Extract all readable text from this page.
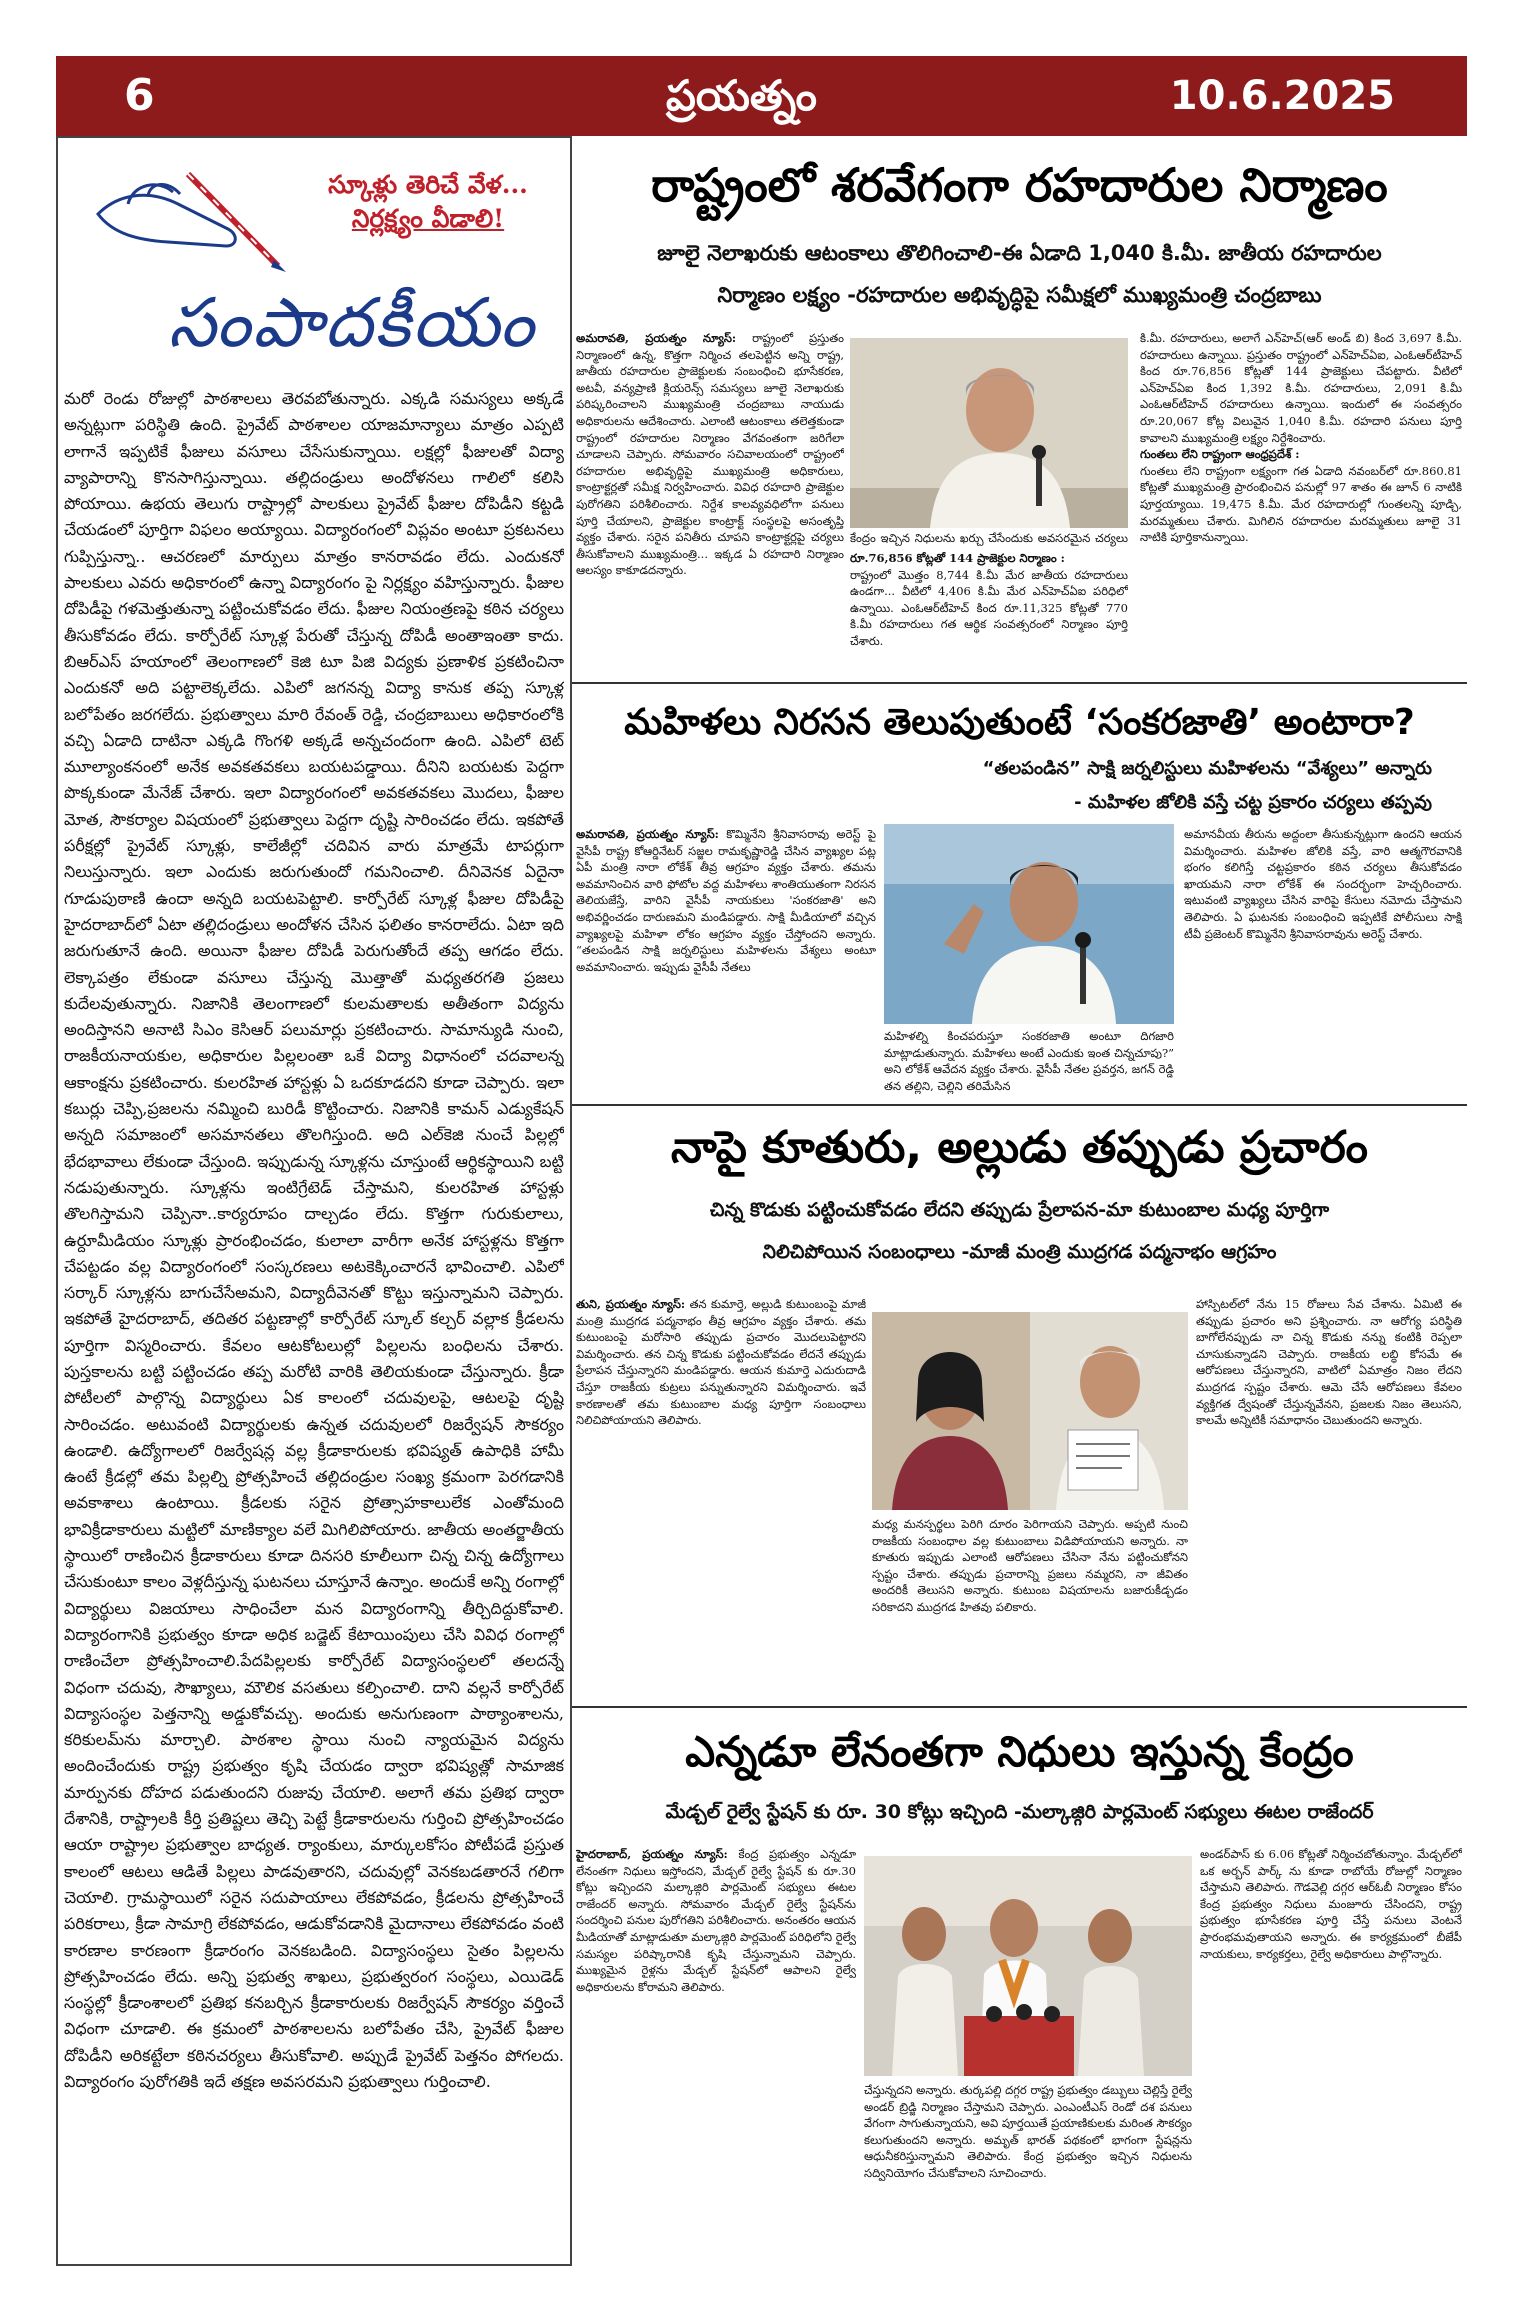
6	ప్రయత్నం	10.6.2025
స్కూళ్లు తెరిచే వేళ...
నిర్లక్ష్యం వీడాలి!
సంపాదకీయం
మరో రెండు రోజుల్లో పాఠశాలలు తెరవబోతున్నారు. ఎక్కడి సమస్యలు అక్కడే అన్నట్లుగా పరిస్థితి ఉంది. ప్రైవేట్ పాఠశాలల యాజమాన్యాలు మాత్రం ఎప్పటి లాగానే ఇప్పటికే ఫీజులు వసూలు చేసేసుకున్నాయి. లక్షల్లో ఫీజులతో విద్యా వ్యాపారాన్ని కొనసాగిస్తున్నాయి. తల్లిదండ్రులు అందోళనలు గాలిలో కలిసి పోయాయి. ఉభయ తెలుగు రాష్ట్రాల్లో పాలకులు ప్రైవేట్ ఫీజుల దోపిడీని కట్టడి చేయడంలో పూర్తిగా విఫలం అయ్యాయి. విద్యారంగంలో విప్లవం అంటూ ప్రకటనలు గుప్పిస్తున్నా.. ఆచరణలో మార్పులు మాత్రం కానరావడం లేదు. ఎందుకనో పాలకులు ఎవరు అధికారంలో ఉన్నా విద్యారంగం పై నిర్లక్ష్యం వహిస్తున్నారు. ఫీజుల దోపిడీపై గళమెత్తుతున్నా పట్టించుకోవడం లేదు. ఫీజుల నియంత్రణపై కఠిన చర్యలు తీసుకోవడం లేదు. కార్పోరేట్ స్కూళ్ల పేరుతో చేస్తున్న దోపిడీ అంతాఇంతా కాదు. బిఆర్ఎస్ హయాంలో తెలంగాణలో కెజి టూ పిజి విద్యకు ప్రణాళిక ప్రకటించినా ఎందుకనో అది పట్టాలెక్కలేదు. ఎపిలో జగనన్న విద్యా కానుక తప్ప స్కూళ్ల బలోపేతం జరగలేదు. ప్రభుత్వాలు మారి రేవంత్ రెడ్డి, చంద్రబాబులు అధికారంలోకి వచ్చి ఏడాది దాటినా ఎక్కడి గొంగళి అక్కడే అన్నచందంగా ఉంది. ఎపిలో టెట్ మూల్యాంకనంలో అనేక అవకతవకలు బయటపడ్డాయి. దీనిని బయటకు పెద్దగా పొక్కకుండా మేనేజ్ చేశారు. ఇలా విద్యారంగంలో అవకతవకలు మొదలు, ఫీజుల మోత, సౌకర్యాల విషయంలో ప్రభుత్వాలు పెద్దగా దృష్టి సారించడం లేదు. ఇకపోతే పరీక్షల్లో ప్రైవేట్ స్కూళ్లు, కాలేజీల్లో చదివిన వారు మాత్రమే టాపర్లుగా నిలుస్తున్నారు. ఇలా ఎందుకు జరుగుతుందో గమనించాలి. దీనివెనక ఏదైనా గూడుపుఠాణి ఉందా అన్నది బయటపెట్టాలి. కార్పోరేట్ స్కూళ్ల ఫీజుల దోపిడీపై హైదరాబాద్‌లో ఏటా తల్లిదండ్రులు అందోళన చేసిన ఫలితం కానరాలేదు. ఏటా ఇది జరుగుతూనే ఉంది. అయినా ఫీజుల దోపిడీ పెరుగుతోందే తప్ప ఆగడం లేదు. లెక్కాపత్రం లేకుండా వసూలు చేస్తున్న మొత్తాతో మధ్యతరగతి ప్రజలు కుదేలవుతున్నారు. నిజానికి తెలంగాణలో కులమతాలకు అతీతంగా విద్యను అందిస్తానని అనాటి సిఎం కెసిఆర్ పలుమార్లు ప్రకటించారు. సామాన్యుడి నుంచి, రాజకీయనాయకుల, అధికారుల పిల్లలంతా ఒకే విద్యా విధానంలో చదవాలన్న ఆకాంక్షను ప్రకటించారు. కులరహిత హాస్టళ్లు ఏ ఒదకూడదని కూడా చెప్పారు. ఇలా కబుర్లు చెప్పి,ప్రజలను నమ్మించి బురిడీ కొట్టించారు. నిజానికి కామన్ ఎడ్యుకేషన్ అన్నది సమాజంలో అసమానతలు తొలగిస్తుంది. అది ఎల్‌కెజి నుంచే పిల్లల్లో భేదభావాలు లేకుండా చేస్తుంది. ఇప్పుడున్న స్కూళ్లను చూస్తుంటే ఆర్థికస్థాయిని బట్టి నడుపుతున్నారు. స్కూళ్లను ఇంటిగ్రేటెడ్ చేస్తామని, కులరహిత హాస్టళ్లు తొలగిస్తామని చెప్పినా..కార్యరూపం దాల్చడం లేదు. కొత్తగా గురుకులాలు, ఉర్దూమీడియం స్కూళ్లు ప్రారంభించడం, కులాలా వారీగా అనేక హాస్టళ్లను కొత్తగా చేపట్టడం వల్ల విద్యారంగంలో సంస్కరణలు అటకెక్కించారనే భావించాలి. ఎపిలో సర్కార్ స్కూళ్లను బాగుచేసేఅమని, విద్యాదీవెనతో కొట్టు ఇస్తున్నామని చెప్పారు. ఇకపోతే హైదరాబాద్, తదితర పట్టణాల్లో కార్పోరేట్ స్కూల్ కల్చర్ వల్లాక క్రీడలను పూర్తిగా విస్మరించారు. కేవలం ఆటకోటలుల్లో పిల్లలను బంధిలను చేశారు. పుస్తకాలను బట్టి పట్టించడం తప్ప మరోటి వారికి తెలియకుండా చేస్తున్నారు. క్రీడా పోటీలలో పాల్గొన్న విద్యార్థులు ఏక కాలంలో చదువులపై, ఆటలపై దృష్టి సారించడం. అటువంటి విద్యార్థులకు ఉన్నత చదువులలో రిజర్వేషన్ సౌకర్యం ఉండాలి. ఉద్యోగాలలో రిజర్వేషన్ల వల్ల క్రీడాకారులకు భవిష్యత్ ఉపాధికి హామీ ఉంటే క్రీడల్లో తమ పిల్లల్ని ప్రోత్సహించే తల్లిదండ్రుల సంఖ్య క్రమంగా పెరగడానికి అవకాశాలు ఉంటాయి. క్రీడలకు సరైన ప్రోత్సాహకాలులేక ఎంతోమంది భావిక్రీడాకారులు మట్టిలో మాణిక్యాల వలే మిగిలిపోయారు. జాతీయ అంతర్జాతీయ స్థాయిలో రాణించిన క్రీడాకారులు కూడా దినసరి కూలీలుగా చిన్న చిన్న ఉద్యోగాలు చేసుకుంటూ కాలం వెళ్లదీస్తున్న ఘటనలు చూస్తూనే ఉన్నాం. అందుకే అన్ని రంగాల్లో విద్యార్థులు విజయాలు సాధించేలా మన విద్యారంగాన్ని తీర్చిదిద్దుకోవాలి. విద్యారంగానికి ప్రభుత్వం కూడా అధిక బడ్జెట్ కేటాయింపులు చేసి వివిధ రంగాల్లో రాణించేలా ప్రోత్సహించాలి.పేదపిల్లలకు కార్పోరేట్ విద్యాసంస్థలలో తలదన్నే విధంగా చదువు, సౌఖ్యాలు, మౌలిక వసతులు కల్పించాలి. దాని వల్లనే కార్పోరేట్ విద్యాసంస్థల పెత్తనాన్ని అడ్డుకోవచ్చు. అందుకు అనుగుణంగా పాఠ్యాంశాలను, కరికులమ్‌ను మార్చాలి. పాఠశాల స్థాయి నుంచి న్యాయమైన విద్యను అందించేందుకు రాష్ట్ర ప్రభుత్వం కృషి చేయడం ద్వారా భవిష్యత్లో సామాజిక మార్పునకు దోహద పడుతుందని రుజువు చేయాలి. అలాగే తమ ప్రతిభ ద్వారా దేశానికి, రాష్ట్రాలకి కీర్తి ప్రతిష్టలు తెచ్చి పెట్టే క్రీడాకారులను గుర్తించి ప్రోత్సహించడం ఆయా రాష్ట్రాల ప్రభుత్వాల బాధ్యత. ర్యాంకులు, మార్కులకోసం పోటీపడే ప్రస్తుత కాలంలో ఆటలు ఆడితే పిల్లలు పాడవుతారని, చదువుల్లో వెనకబడతారనే గలిగా చెయాలి. గ్రామస్థాయిలో సరైన సదుపాయాలు లేకపోవడం, క్రీడలను ప్రోత్సహించే పరికరాలు, క్రీడా సామాగ్రి లేకపోవడం, ఆడుకోవడానికి మైదానాలు లేకపోవడం వంటి కారణాల కారణంగా క్రీడారంగం వెనకబడింది. విద్యాసంస్థలు సైతం పిల్లలను ప్రోత్సహించడం లేదు. అన్ని ప్రభుత్వ శాఖలు, ప్రభుత్వరంగ సంస్థలు, ఎయిడెడ్ సంస్థల్లో క్రీడాంశాలలో ప్రతిభ కనబర్చిన క్రీడాకారులకు రిజర్వేషన్ సౌకర్యం వర్తించే విధంగా చూడాలి. ఈ క్రమంలో పాఠశాలలను బలోపేతం చేసి, ప్రైవేట్ ఫీజుల దోపిడీని అరికట్టేలా కఠినచర్యలు తీసుకోవాలి. అప్పుడే ప్రైవేట్ పెత్తనం పోగలదు. విద్యారంగం పురోగతికి ఇదే తక్షణ అవసరమని ప్రభుత్వాలు గుర్తించాలి.
రాష్ట్రంలో శరవేగంగా రహదారుల నిర్మాణం
జూలై నెలాఖరుకు ఆటంకాలు తొలిగించాలి-ఈ ఏడాది 1,040 కి.మీ. జాతీయ రహదారుల
నిర్మాణం లక్ష్యం -రహదారుల అభివృద్ధిపై సమీక్షలో ముఖ్యమంత్రి చంద్రబాబు
అమరావతి, ప్రయత్నం న్యూస్: రాష్ట్రంలో ప్రస్తుతం నిర్మాణంలో ఉన్న, కొత్తగా నిర్మించ తలపెట్టిన అన్ని రాష్ట్ర, జాతీయ రహదారుల ప్రాజెక్టులకు సంబంధించి భూసేకరణ, అటవీ, వన్యప్రాణి క్లియరెన్స్ సమస్యలు జూలై నెలాఖరుకు పరిష్కరించాలని ముఖ్యమంత్రి చంద్రబాబు నాయుడు అధికారులను ఆదేశించారు. ఎలాంటి ఆటంకాలు తలెత్తకుండా రాష్ట్రంలో రహదారుల నిర్మాణం వేగవంతంగా జరిగేలా చూడాలని చెప్పారు. సోమవారం సచివాలయంలో రాష్ట్రంలో రహదారుల అభివృద్ధిపై ముఖ్యమంత్రి అధికారులు, కాంట్రాక్టర్లతో సమీక్ష నిర్వహించారు. వివిధ రహదారి ప్రాజెక్టుల పురోగతిని పరిశీలించారు. నిర్దేశ కాలవ్యవధిలోగా పనులు పూర్తి చేయాలని, ప్రాజెక్టుల కాంట్రాక్ట్ సంస్థలపై అసంతృప్తి వ్యక్తం చేశారు. సరైన పనితీరు చూపని కాంట్రాక్టర్లపై చర్యలు తీసుకోవాలని ముఖ్యమంత్రి... ఇక్కడ ఏ రహదారి నిర్మాణం ఆలస్యం కాకూడదన్నారు.
కేంద్రం ఇచ్చిన నిధులను ఖర్చు చేసేందుకు అవసరమైన చర్యలు
రూ.76,856 కోట్లతో 144 ప్రాజెక్టుల నిర్మాణం :
రాష్ట్రంలో మొత్తం 8,744 కి.మీ మేర జాతీయ రహదారులు ఉండగా... వీటిలో 4,406 కి.మీ మేర ఎన్‌హెచ్ఏఐ పరిధిలో ఉన్నాయి. ఎంఓఆర్‌టీహెచ్ కింద రూ.11,325 కోట్లతో 770 కి.మీ రహదారులు గత ఆర్థిక సంవత్సరంలో నిర్మాణం పూర్తి చేశారు.
కి.మీ. రహదారులు, అలాగే ఎన్‌హెచ్(ఆర్ అండ్ బి) కింద 3,697 కి.మీ. రహదారులు ఉన్నాయి. ప్రస్తుతం రాష్ట్రంలో ఎన్‌హెచ్ఏఐ, ఎంఓఆర్‌టీహెచ్ కింద రూ.76,856 కోట్లతో 144 ప్రాజెక్టులు చేపట్టారు. వీటిలో ఎన్‌హెచ్ఏఐ కింద 1,392 కి.మీ. రహదారులు, 2,091 కి.మీ ఎంఓఆర్‌టీహెచ్ రహదారులు ఉన్నాయి. ఇందులో ఈ సంవత్సరం రూ.20,067 కోట్ల విలువైన 1,040 కి.మీ. రహదారి పనులు పూర్తి కావాలని ముఖ్యమంత్రి లక్ష్యం నిర్దేశించారు.
గుంతలు లేని రాష్ట్రంగా ఆంధ్రప్రదేశ్ :
గుంతలు లేని రాష్ట్రంగా లక్ష్యంగా గత ఏడాది నవంబర్‌లో రూ.860.81 కోట్లతో ముఖ్యమంత్రి ప్రారంభించిన పనుల్లో 97 శాతం ఈ జూన్ 6 నాటికి పూర్తయ్యాయి. 19,475 కి.మీ. మేర రహదారుల్లో గుంతలన్ని పూడ్చి, మరమ్మతులు చేశారు. మిగిలిన రహదారుల మరమ్మతులు జూలై 31 నాటికి పూర్తికానున్నాయి.
మహిళలు నిరసన తెలుపుతుంటే ‘సంకరజాతి’ అంటారా?
“తలపండిన” సాక్షి జర్నలిస్టులు మహిళలను “వేశ్యలు” అన్నారు
- మహిళల జోలికి వస్తే చట్ట ప్రకారం చర్యలు తప్పవు
అమరావతి, ప్రయత్నం న్యూస్: కొమ్మినేని శ్రీనివాసరావు అరెస్ట్ పై వైసీపీ రాష్ట్ర కోఆర్డినేటర్ సజ్జల రామకృష్ణారెడ్డి చేసిన వ్యాఖ్యల పట్ల ఏపీ మంత్రి నారా లోకేశ్ తీవ్ర ఆగ్రహం వ్యక్తం చేశారు. తమను అవమానించిన వారి ఫోటోల వద్ద మహిళలు శాంతియుతంగా నిరసన తెలియజేస్తే, వారిని వైసీపీ నాయకులు 'సంకరజాతి' అని అభివర్ణించడం దారుణమని మండిపడ్డారు. సాక్షి మీడియాలో వచ్చిన వ్యాఖ్యలపై మహిళా లోకం ఆగ్రహం వ్యక్తం చేస్తోందని అన్నారు. “తలపండిన సాక్షి జర్నలిస్టులు మహిళలను వేశ్యలు అంటూ అవమానించారు. ఇప్పుడు వైసీపీ నేతలు
మహిళల్ని కించపరుస్తూ సంకరజాతి అంటూ దిగజారి మాట్లాడుతున్నారు. మహిళలు అంటే ఎందుకు ఇంత చిన్నచూపు?” అని లోకేశ్ ఆవేదన వ్యక్తం చేశారు. వైసీపీ నేతల ప్రవర్తన, జగన్ రెడ్డి తన తల్లిని, చెల్లిని తరిమేసిన
అమానవీయ తీరును అద్దంలా తీసుకున్నట్లుగా ఉందని ఆయన విమర్శించారు. మహిళల జోలికి వస్తే, వారి ఆత్మగౌరవానికి భంగం కలిగిస్తే చట్టప్రకారం కఠిన చర్యలు తీసుకోవడం ఖాయమని నారా లోకేశ్ ఈ సందర్భంగా హెచ్చరించారు. ఇటువంటి వ్యాఖ్యలు చేసిన వారిపై కేసులు నమోదు చేస్తామని తెలిపారు. ఏ ఘటనకు సంబంధించి ఇప్పటికే పోలీసులు సాక్షి టీవీ ప్రజెంటర్ కొమ్మినేని శ్రీనివాసరావును అరెస్ట్ చేశారు.
నాపై కూతురు, అల్లుడు తప్పుడు ప్రచారం
చిన్న కొడుకు పట్టించుకోవడం లేదని తప్పుడు ప్రేలాపన-మా కుటుంబాల మధ్య పూర్తిగా
నిలిచిపోయిన సంబంధాలు -మాజీ మంత్రి ముద్రగడ పద్మనాభం ఆగ్రహం
తుని, ప్రయత్నం న్యూస్: తన కుమార్తె, అల్లుడి కుటుంబంపై మాజీ మంత్రి ముద్రగడ పద్మనాభం తీవ్ర ఆగ్రహం వ్యక్తం చేశారు. తమ కుటుంబంపై మరోసారి తప్పుడు ప్రచారం మొదలుపెట్టారని విమర్శించారు. తన చిన్న కొడుకు పట్టించుకోవడం లేదనే తప్పుడు ప్రేలాపన చేస్తున్నారని మండిపడ్డారు. ఆయన కుమార్తె ఎదురుదాడి చేస్తూ రాజకీయ కుట్రలు పన్నుతున్నారని విమర్శించారు. ఇవే కారణాలతో తమ కుటుంబాల మధ్య పూర్తిగా సంబంధాలు నిలిచిపోయాయని తెలిపారు.
మధ్య మనస్పర్థలు పెరిగి దూరం పెరిగాయని చెప్పారు. అప్పటి నుంచి రాజకీయ సంబంధాల వల్ల కుటుంబాలు విడిపోయాయని అన్నారు. నా కూతురు ఇప్పుడు ఎలాంటి ఆరోపణలు చేసినా నేను పట్టించుకోనని స్పష్టం చేశారు. తప్పుడు ప్రచారాన్ని ప్రజలు నమ్మరని, నా జీవితం అందరికీ తెలుసని అన్నారు. కుటుంబ విషయాలను బజారుకీడ్చడం సరికాదని ముద్రగడ హితవు పలికారు.
హాస్పిటల్‌లో నేను 15 రోజులు సేవ చేశాను. ఏమిటి ఈ తప్పుడు ప్రచారం అని ప్రశ్నించారు. నా ఆరోగ్య పరిస్థితి బాగోలేనప్పుడు నా చిన్న కొడుకు నన్ను కంటికి రెప్పలా చూసుకున్నాడని చెప్పారు. రాజకీయ లబ్ధి కోసమే ఈ ఆరోపణలు చేస్తున్నారని, వాటిలో ఏమాత్రం నిజం లేదని ముద్రగడ స్పష్టం చేశారు. ఆమె చేసే ఆరోపణలు కేవలం వ్యక్తిగత ద్వేషంతో చేస్తున్నవేనని, ప్రజలకు నిజం తెలుసని, కాలమే అన్నిటికీ సమాధానం చెబుతుందని అన్నారు.
ఎన్నడూ లేనంతగా నిధులు ఇస్తున్న కేంద్రం
మేడ్చల్ రైల్వే స్టేషన్ కు రూ. 30 కోట్లు ఇచ్చింది -మల్కాజ్గిరి పార్లమెంట్ సభ్యులు ఈటల రాజేందర్
హైదరాబాద్, ప్రయత్నం న్యూస్: కేంద్ర ప్రభుత్వం ఎన్నడూ లేనంతగా నిధులు ఇస్తోందని, మేడ్చల్ రైల్వే స్టేషన్ కు రూ.30 కోట్లు ఇచ్చిందని మల్కాజ్గిరి పార్లమెంట్ సభ్యులు ఈటల రాజేందర్ అన్నారు. సోమవారం మేడ్చల్ రైల్వే స్టేషన్‌ను సందర్శించి పనుల పురోగతిని పరిశీలించారు. అనంతరం ఆయన మీడియాతో మాట్లాడుతూ మల్కాజ్గిరి పార్లమెంట్ పరిధిలోని రైల్వే సమస్యల పరిష్కారానికి కృషి చేస్తున్నామని చెప్పారు. ముఖ్యమైన రైళ్లను మేడ్చల్ స్టేషన్‌లో ఆపాలని రైల్వే అధికారులను కోరామని తెలిపారు.
చేస్తున్నదని అన్నారు. తుర్కపల్లి దగ్గర రాష్ట్ర ప్రభుత్వం డబ్బులు చెల్లిస్తే రైల్వే అండర్ బ్రిడ్జి నిర్మాణం చేస్తామని చెప్పారు. ఎంఎంటీఎస్ రెండో దశ పనులు వేగంగా సాగుతున్నాయని, అవి పూర్తయితే ప్రయాణికులకు మరింత సౌకర్యం కలుగుతుందని అన్నారు. అమృత్ భారత్ పథకంలో భాగంగా స్టేషన్లను ఆధునీకరిస్తున్నామని తెలిపారు. కేంద్ర ప్రభుత్వం ఇచ్చిన నిధులను సద్వినియోగం చేసుకోవాలని సూచించారు.
అండర్‌పాస్ కు 6.06 కోట్లతో నిర్మించబోతున్నాం. మేడ్చల్‌లో ఒక అర్బన్ పార్క్ ను కూడా రాబోయే రోజుల్లో నిర్మాణం చేస్తామని తెలిపారు. గౌడవెల్లి దగ్గర ఆర్ఓబీ నిర్మాణం కోసం కేంద్ర ప్రభుత్వం నిధులు మంజూరు చేసిందని, రాష్ట్ర ప్రభుత్వం భూసేకరణ పూర్తి చేస్తే పనులు వెంటనే ప్రారంభమవుతాయని అన్నారు. ఈ కార్యక్రమంలో బీజేపీ నాయకులు, కార్యకర్తలు, రైల్వే అధికారులు పాల్గొన్నారు.
